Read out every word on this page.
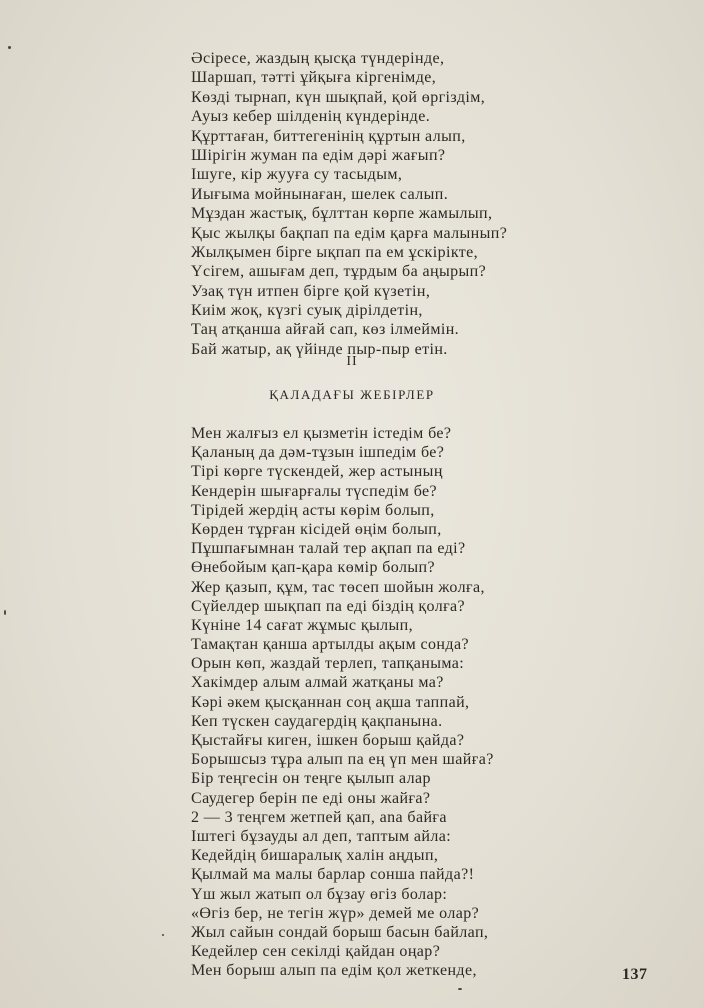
Әсіресе, жаздың қысқа түндерінде,
Шаршап, тәтті ұйқыға кіргенімде,
Көзді тырнап, күн шықпай, қой өргіздім,
Ауыз кебер шілденің күндерінде.
Құрттаған, биттегенінің құртын алып,
Шірігін жуман па едім дәрі жағып?
Ішуге, кір жууға су тасыдым,
Иығыма мойнынаған, шелек салып.
Мұздан жастық, бұлттан көрпе жамылып,
Қыс жылқы бақпап па едім қарға малынып?
Жылқымен бірге ықпап па ем ұскірікте,
Үсігем, ашығам деп, тұрдым ба аңырып?
Узақ түн итпен бірге қой күзетін,
Киім жоқ, күзгі суық дірілдетін,
Таң атқанша айғай сап, көз ілмеймін.
Бай жатыр, ақ үйінде пыр-пыр етін.
II
ҚАЛАДАҒЫ ЖЕБІРЛЕР
Мен жалғыз ел қызметін істедім бе?
Қаланың да дәм-тұзын ішпедім бе?
Тірі көрге түскендей, жер астының
Кендерін шығарғалы түспедім бе?
Тірідей жердің асты көрім болып,
Көрден тұрған кісідей өңім болып,
Пұшпағымнан талай тер ақпап па еді?
Өнебойым қап-қара көмір болып?
Жер қазып, құм, тас төсеп шойын жолға,
Сүйелдер шықпап па еді біздің қолға?
Күніне 14 сағат жұмыс қылып,
Тамақтан қанша артылды ақым сонда?
Орын көп, жаздай терлеп, тапқаныма:
Хакімдер алым алмай жатқаны ма?
Кәрі әкем қысқаннан соң ақша таппай,
Кеп түскен саудагердің қақпанына.
Қыстайғы киген, ішкен борыш қайда?
Борышсыз тұра алып па ең үп мен шайға?
Бір теңгесін он теңге қылып алар
Саудегер берін пе еді оны жайға?
2 — 3 теңгем жетпей қап, аna байға
Іштегі бұзауды ал деп, таптым айла:
Кедейдің бишаралық халін аңдып,
Қылмай ма малы барлар сонша пайда?!
Үш жыл жатып ол бұзау өгіз болар:
«Өгіз бер, не тегін жүр» демей ме олар?
Жыл сайын сондай борыш басын байлап,
Кедейлер сен секілді қайдан оңар?
Мен борыш алып па едім қол жеткенде,	137
